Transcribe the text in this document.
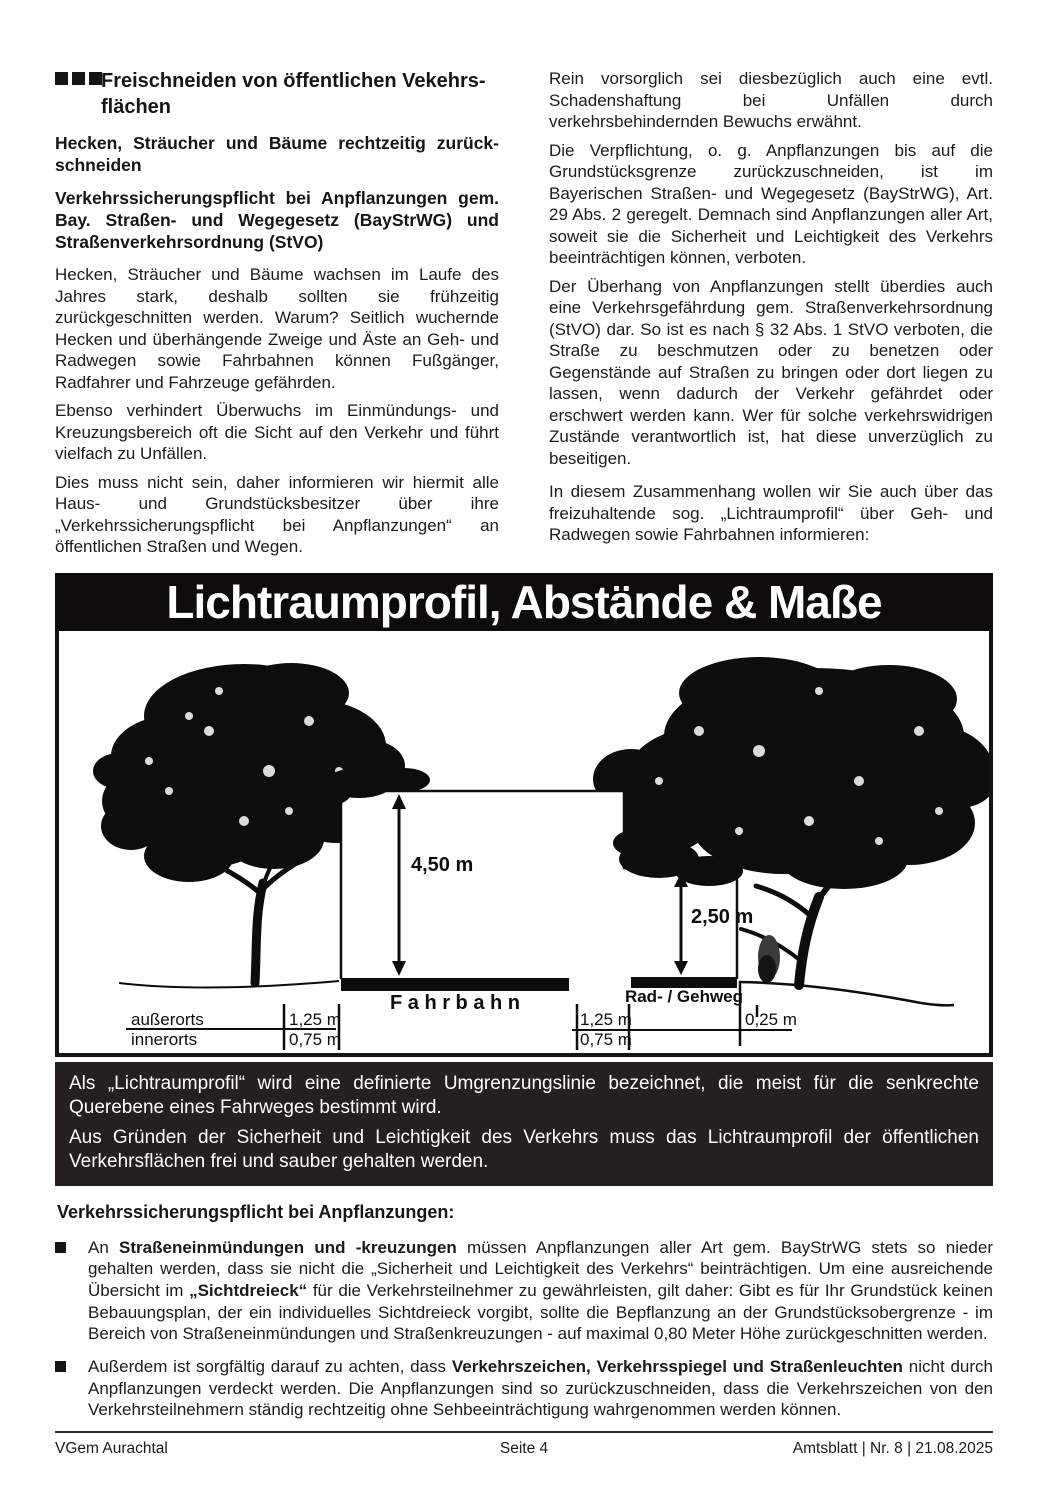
Freischneiden von öffentlichen Vekehrs-
flächen
Hecken, Sträucher und Bäume rechtzeitig zurück-
schneiden
Verkehrssicherungspflicht bei Anpflanzungen gem.
Bay. Straßen- und Wegegesetz (BayStrWG) und
Straßenverkehrsordnung (StVO)

Hecken, Sträucher und Bäume wachsen im Laufe des Jahres stark, deshalb sollten sie frühzeitig zurückgeschnitten werden. Warum? Seitlich wuchernde Hecken und überhängende Zweige und Äste an Geh- und Radwegen sowie Fahrbahnen können Fußgänger, Radfahrer und Fahrzeuge gefährden.

Ebenso verhindert Überwuchs im Einmündungs- und Kreuzungsbereich oft die Sicht auf den Verkehr und führt vielfach zu Unfällen.

Dies muss nicht sein, daher informieren wir hiermit alle Haus- und Grundstücksbesitzer über ihre „Verkehrssicherungspflicht bei Anpflanzungen“ an öffentlichen Straßen und Wegen.

Rein vorsorglich sei diesbezüglich auch eine evtl. Schadenshaftung bei Unfällen durch verkehrsbehindernden Bewuchs erwähnt.

Die Verpflichtung, o. g. Anpflanzungen bis auf die Grundstücksgrenze zurückzuschneiden, ist im Bayerischen Straßen- und Wegegesetz (BayStrWG), Art. 29 Abs. 2 geregelt. Demnach sind Anpflanzungen aller Art, soweit sie die Sicherheit und Leichtigkeit des Verkehrs beeinträchtigen können, verboten.

Der Überhang von Anpflanzungen stellt überdies auch eine Verkehrsgefährdung gem. Straßenverkehrsordnung (StVO) dar. So ist es nach § 32 Abs. 1 StVO verboten, die Straße zu beschmutzen oder zu benetzen oder Gegenstände auf Straßen zu bringen oder dort liegen zu lassen, wenn dadurch der Verkehr gefährdet oder erschwert werden kann. Wer für solche verkehrswidrigen Zustände verantwortlich ist, hat diese unverzüglich zu beseitigen.

In diesem Zusammenhang wollen wir Sie auch über das freizuhaltende sog. „Lichtraumprofil“ über Geh- und Radwegen sowie Fahrbahnen informieren:

Lichtraumprofil, Abstände & Maße
4,50 m
2,50 m
F a h r b a h n	Rad- / Gehweg
außerorts
innerorts
1,25 m
0,75 m
1,25 m
0,75 m
0,25 m

Als „Lichtraumprofil“ wird eine definierte Umgrenzungslinie bezeichnet, die meist für die senkrechte Querebene eines Fahrweges bestimmt wird.

Aus Gründen der Sicherheit und Leichtigkeit des Verkehrs muss das Lichtraumprofil der öffentlichen Verkehrsflächen frei und sauber gehalten werden.

Verkehrssicherungspflicht bei Anpflanzungen:
An Straßeneinmündungen und -kreuzungen müssen Anpflanzungen aller Art gem. BayStrWG stets so nieder gehalten werden, dass sie nicht die „Sicherheit und Leichtigkeit des Verkehrs“ beinträchtigen. Um eine ausreichende Übersicht im „Sichtdreieck“ für die Verkehrsteilnehmer zu gewährleisten, gilt daher: Gibt es für Ihr Grundstück keinen Bebauungsplan, der ein individuelles Sichtdreieck vorgibt, sollte die Bepflanzung an der Grundstücksobergrenze - im Bereich von Straßeneinmündungen und Straßenkreuzungen - auf maximal 0,80 Meter Höhe zurückgeschnitten werden.
Außerdem ist sorgfältig darauf zu achten, dass Verkehrszeichen, Verkehrsspiegel und Straßenleuchten nicht durch Anpflanzungen verdeckt werden. Die Anpflanzungen sind so zurückzuschneiden, dass die Verkehrszeichen von den Verkehrsteilnehmern ständig rechtzeitig ohne Sehbeeinträchtigung wahrgenommen werden können.
Seite 4
VGem Aurachtal	Amtsblatt | Nr. 8 | 21.08.2025
